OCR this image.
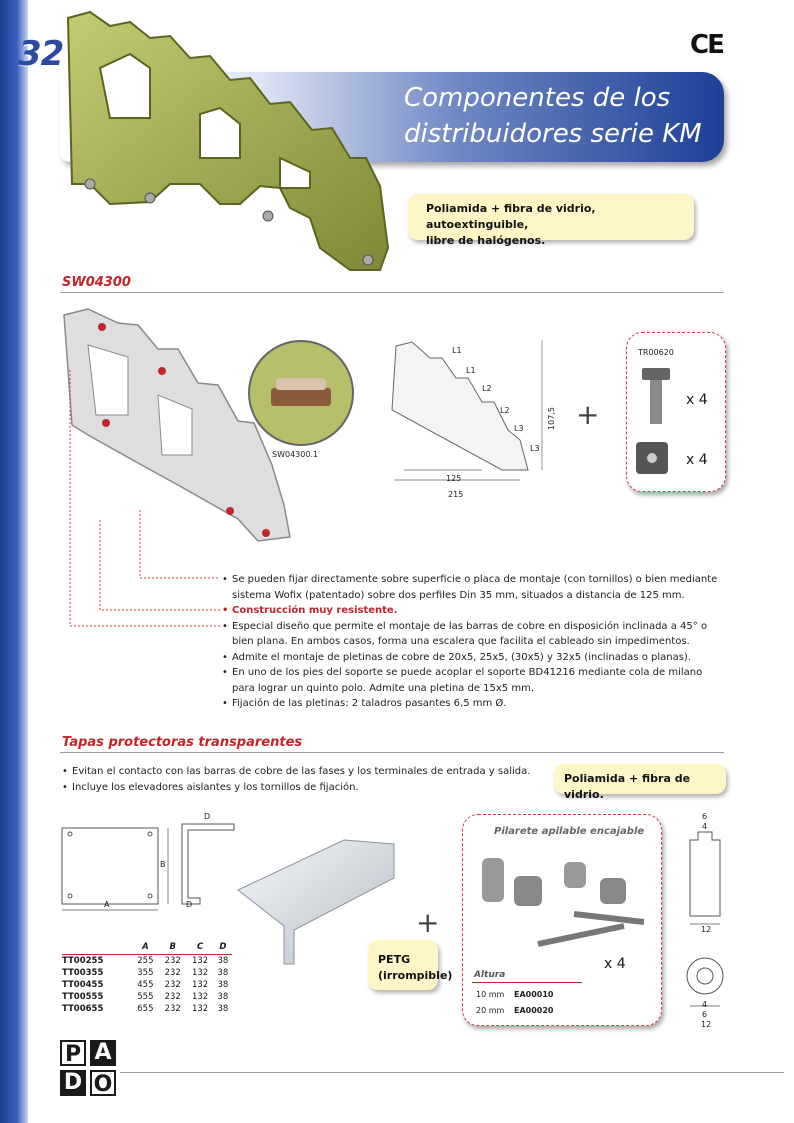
32
Componentes de los
distribuidores serie KM
CE
Poliamida + fibra de vidrio, autoextinguible,
libre de halógenos.
SW04300
SW04300.1
L1
L1
L2
L2
L3
L3
107,5
125
215
+
TR00620
x 4
x 4
• Se pueden fijar directamente sobre superficie o placa de montaje (con tornillos) o bien mediante sistema Wofix (patentado) sobre dos perfiles Din 35 mm, situados a distancia de 125 mm.
• Construcción muy resistente.
• Especial diseño que permite el montaje de las barras de cobre en disposición inclinada a 45° o bien plana. En ambos casos, forma una escalera que facilita el cableado sin impedimentos.
• Admite el montaje de pletinas de cobre de 20x5, 25x5, (30x5) y 32x5 (inclinadas o planas).
• En uno de los pies del soporte se puede acoplar el soporte BD41216 mediante cola de milano para lograr un quinto polo. Admite una pletina de 15x5 mm.
• Fijación de las pletinas: 2 taladros pasantes 6,5 mm Ø.
Tapas protectoras transparentes
• Evitan el contacto con las barras de cobre de las fases y los terminales de entrada y salida.
• Incluye los elevadores aislantes y los tornillos de fijación.
Poliamida + fibra de vidrio.
A
B
D
D
	A	B	C	D
TT00255	255	232	132	38
TT00355	355	232	132	38
TT00455	455	232	132	38
TT00555	555	232	132	38
TT00655	655	232	132	38
PETG
(irrompible)
+
Pilarete apilable encajable
x 4
Altura
10 mm EA00010
20 mm EA00020
6
4
12
4
6
12
P A
D O
